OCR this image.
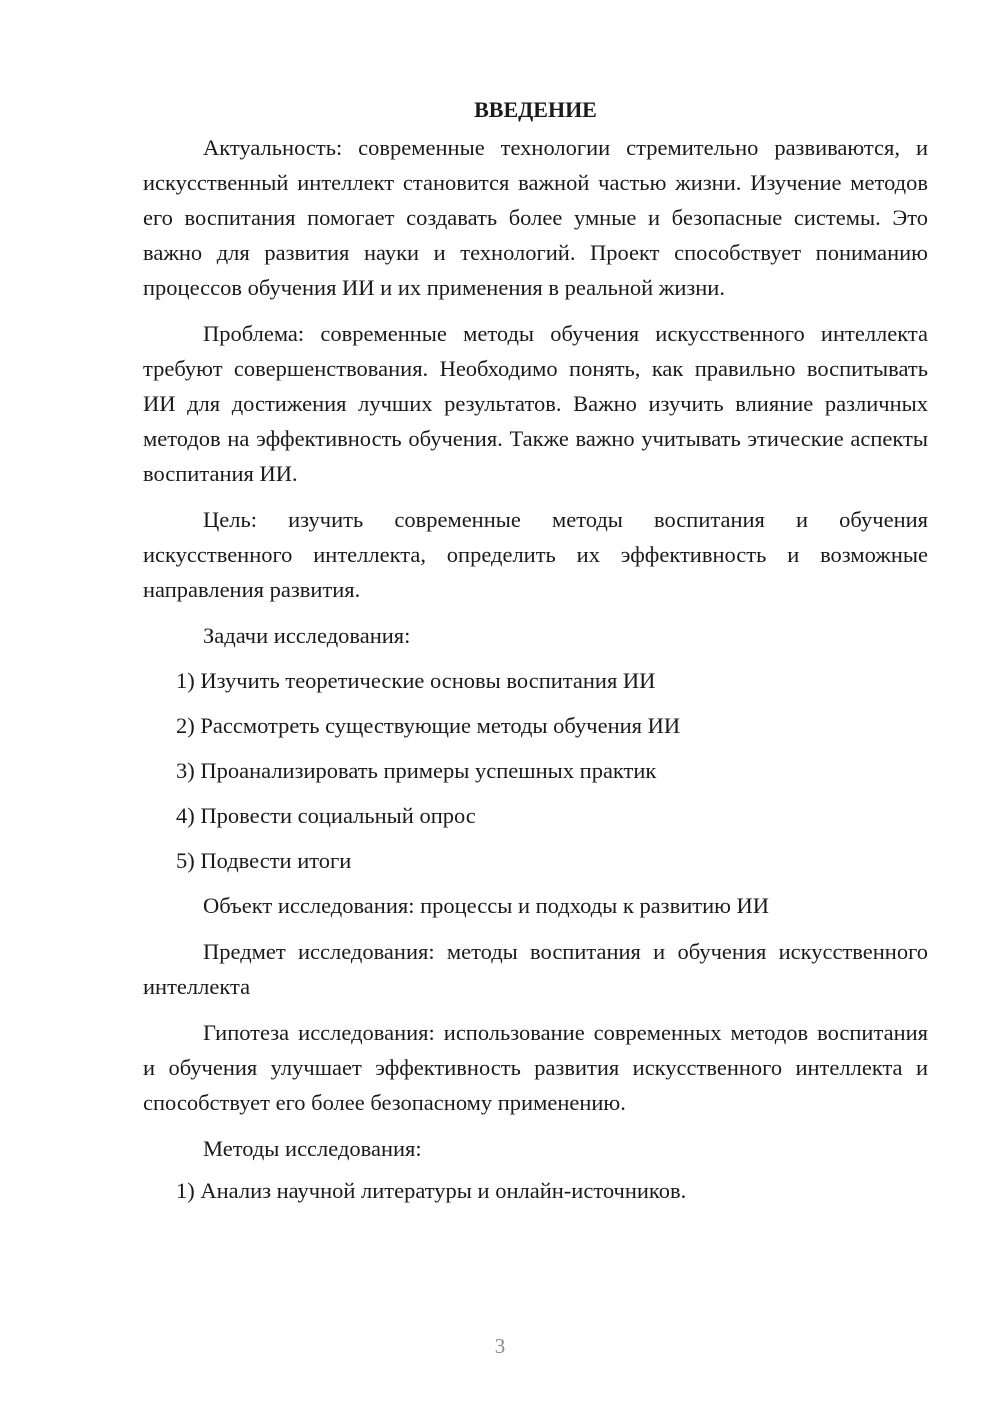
ВВЕДЕНИЕ

Актуальность: современные технологии стремительно развиваются, и искусственный интеллект становится важной частью жизни. Изучение методов его воспитания помогает создавать более умные и безопасные системы. Это важно для развития науки и технологий. Проект способствует пониманию процессов обучения ИИ и их применения в реальной жизни.

Проблема: современные методы обучения искусственного интеллекта требуют совершенствования. Необходимо понять, как правильно воспитывать ИИ для достижения лучших результатов. Важно изучить влияние различных методов на эффективность обучения. Также важно учитывать этические аспекты воспитания ИИ.

Цель: изучить современные методы воспитания и обучения искусственного интеллекта, определить их эффективность и возможные направления развития.

Задачи исследования:

1) Изучить теоретические основы воспитания ИИ
2) Рассмотреть существующие методы обучения ИИ
3) Проанализировать примеры успешных практик
4) Провести социальный опрос
5) Подвести итоги

Объект исследования: процессы и подходы к развитию ИИ

Предмет исследования: методы воспитания и обучения искусственного интеллекта

Гипотеза исследования: использование современных методов воспитания и обучения улучшает эффективность развития искусственного интеллекта и способствует его более безопасному применению.

Методы исследования:

1) Анализ научной литературы и онлайн-источников.
3
